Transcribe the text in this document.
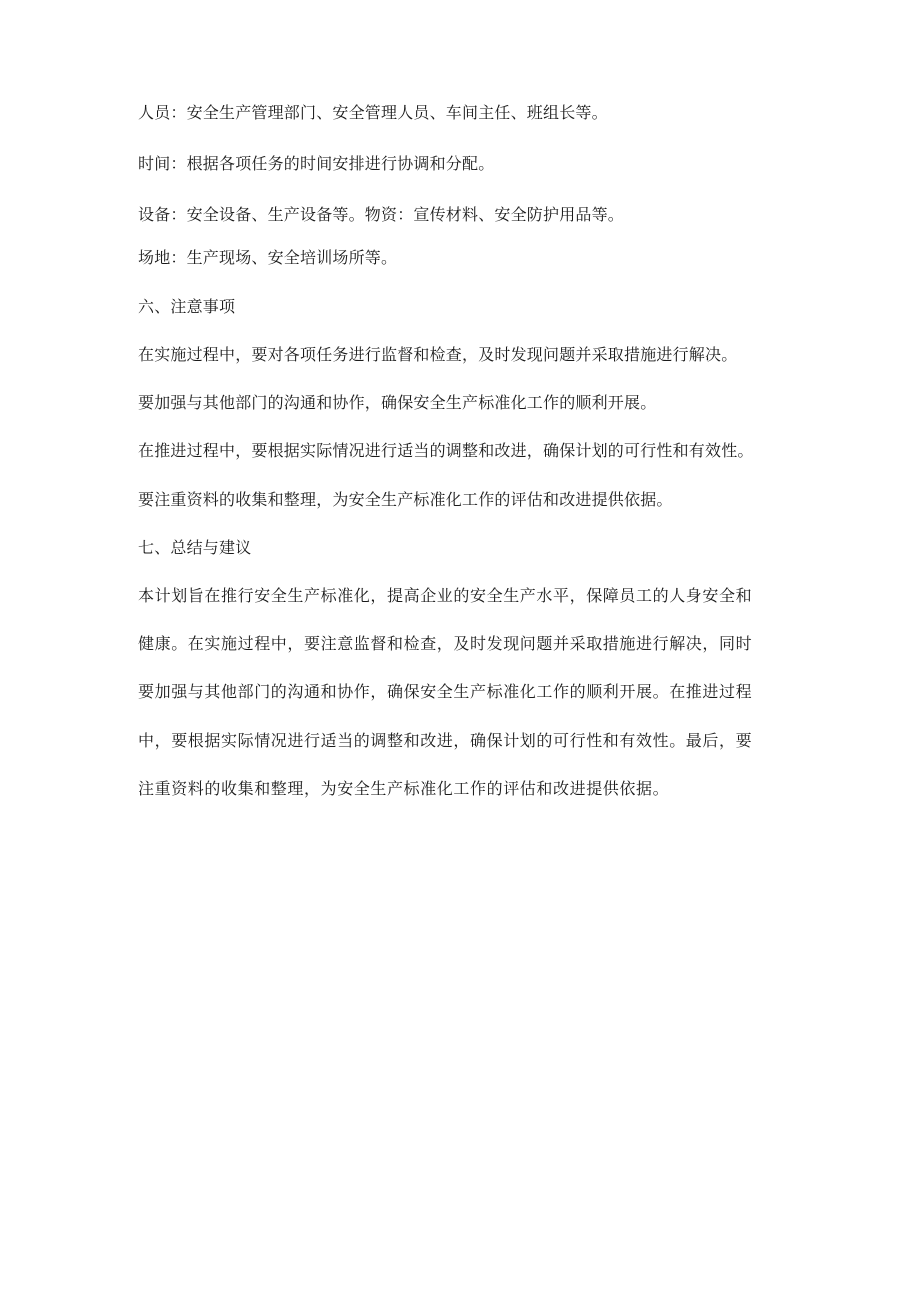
人员：安全生产管理部门、安全管理人员、车间主任、班组长等。
时间：根据各项任务的时间安排进行协调和分配。
设备：安全设备、生产设备等。物资：宣传材料、安全防护用品等。
场地：生产现场、安全培训场所等。
六、注意事项
在实施过程中，要对各项任务进行监督和检查，及时发现问题并采取措施进行解决。
要加强与其他部门的沟通和协作，确保安全生产标准化工作的顺利开展。
在推进过程中，要根据实际情况进行适当的调整和改进，确保计划的可行性和有效性。
要注重资料的收集和整理，为安全生产标准化工作的评估和改进提供依据。
七、总结与建议
本计划旨在推行安全生产标准化，提高企业的安全生产水平，保障员工的人身安全和
健康。在实施过程中，要注意监督和检查，及时发现问题并采取措施进行解决，同时
要加强与其他部门的沟通和协作，确保安全生产标准化工作的顺利开展。在推进过程
中，要根据实际情况进行适当的调整和改进，确保计划的可行性和有效性。最后，要
注重资料的收集和整理，为安全生产标准化工作的评估和改进提供依据。
